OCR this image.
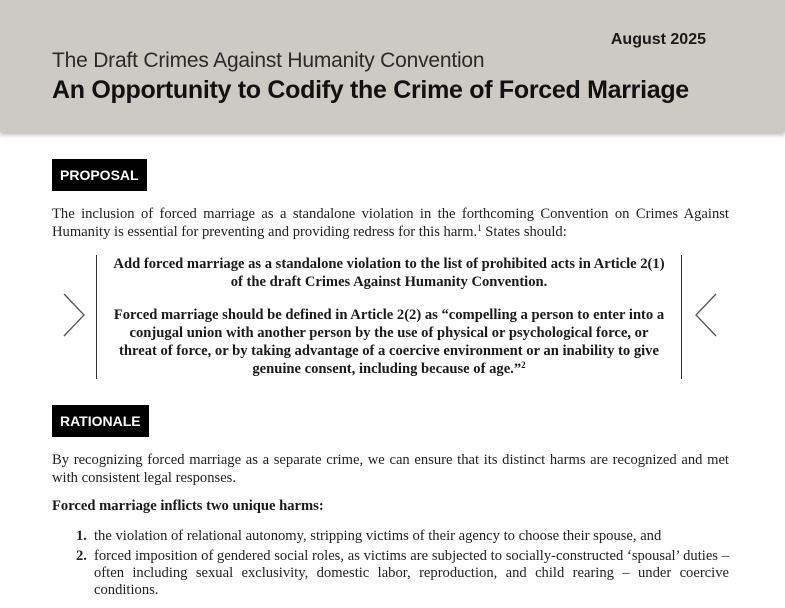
August 2025
The Draft Crimes Against Humanity Convention
An Opportunity to Codify the Crime of Forced Marriage
PROPOSAL
The inclusion of forced marriage as a standalone violation in the forthcoming Convention on Crimes Against Humanity is essential for preventing and providing redress for this harm.$^1$ States should:
Add forced marriage as a standalone violation to the list of prohibited acts in Article 2(1) of the draft Crimes Against Humanity Convention.
Forced marriage should be defined in Article 2(2) as “compelling a person to enter into a conjugal union with another person by the use of physical or psychological force, or threat of force, or by taking advantage of a coercive environment or an inability to give genuine consent, including because of age.”$^2$
RATIONALE
By recognizing forced marriage as a separate crime, we can ensure that its distinct harms are recognized and met with consistent legal responses.
Forced marriage inflicts two unique harms:
1. the violation of relational autonomy, stripping victims of their agency to choose their spouse, and
2. forced imposition of gendered social roles, as victims are subjected to socially-constructed ‘spousal’ duties – often including sexual exclusivity, domestic labor, reproduction, and child rearing – under coercive conditions.
